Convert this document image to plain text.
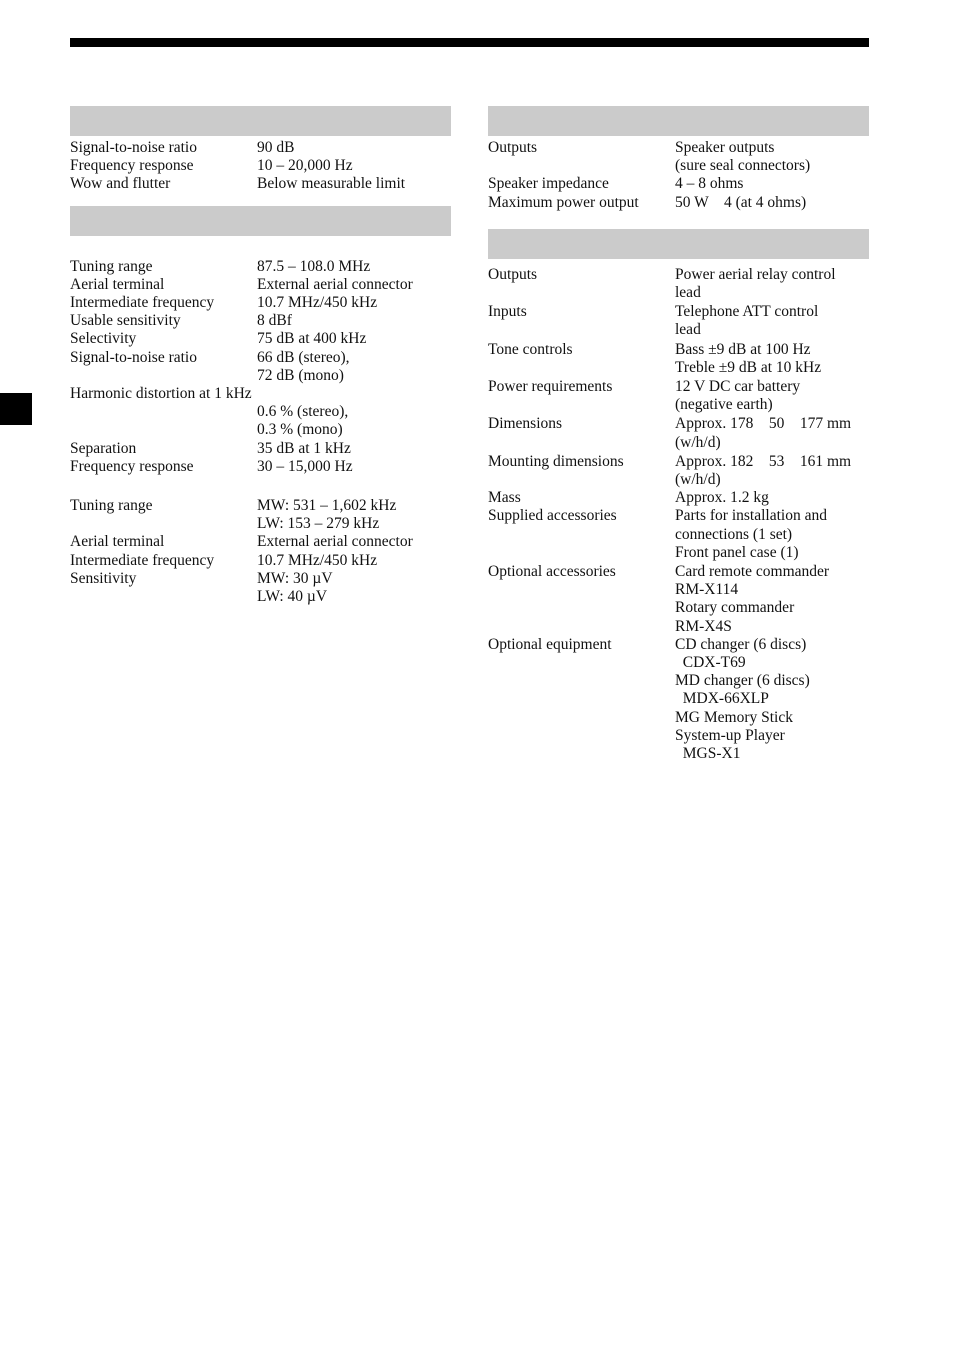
Signal-to-noise ratio	90 dB
Frequency response	10 – 20,000 Hz
Wow and flutter	Below measurable limit
Tuning range	87.5 – 108.0 MHz
Aerial terminal	External aerial connector
Intermediate frequency	10.7 MHz/450 kHz
Usable sensitivity	8 dBf
Selectivity	75 dB at 400 kHz
Signal-to-noise ratio	66 dB (stereo),
72 dB (mono)
Harmonic distortion at 1 kHz
0.6 % (stereo),
0.3 % (mono)
Separation	35 dB at 1 kHz
Frequency response	30 – 15,000 Hz
Tuning range	MW: 531 – 1,602 kHz
LW: 153 – 279 kHz
Aerial terminal	External aerial connector
Intermediate frequency	10.7 MHz/450 kHz
Sensitivity	MW: 30 µV
LW: 40 µV
Outputs	Speaker outputs
(sure seal connectors)
Speaker impedance	4 – 8 ohms
Maximum power output	50 W    4 (at 4 ohms)
Outputs	Power aerial relay control
lead
Inputs	Telephone ATT control
lead
Tone controls	Bass ±9 dB at 100 Hz
Treble ±9 dB at 10 kHz
Power requirements	12 V DC car battery
(negative earth)
Dimensions	Approx. 178    50    177 mm
(w/h/d)
Mounting dimensions	Approx. 182    53    161 mm
(w/h/d)
Mass	Approx. 1.2 kg
Supplied accessories	Parts for installation and
connections (1 set)
Front panel case (1)
Optional accessories	Card remote commander
RM-X114
Rotary commander
RM-X4S
Optional equipment	CD changer (6 discs)
CDX-T69
MD changer (6 discs)
MDX-66XLP
MG Memory Stick
System-up Player
MGS-X1
